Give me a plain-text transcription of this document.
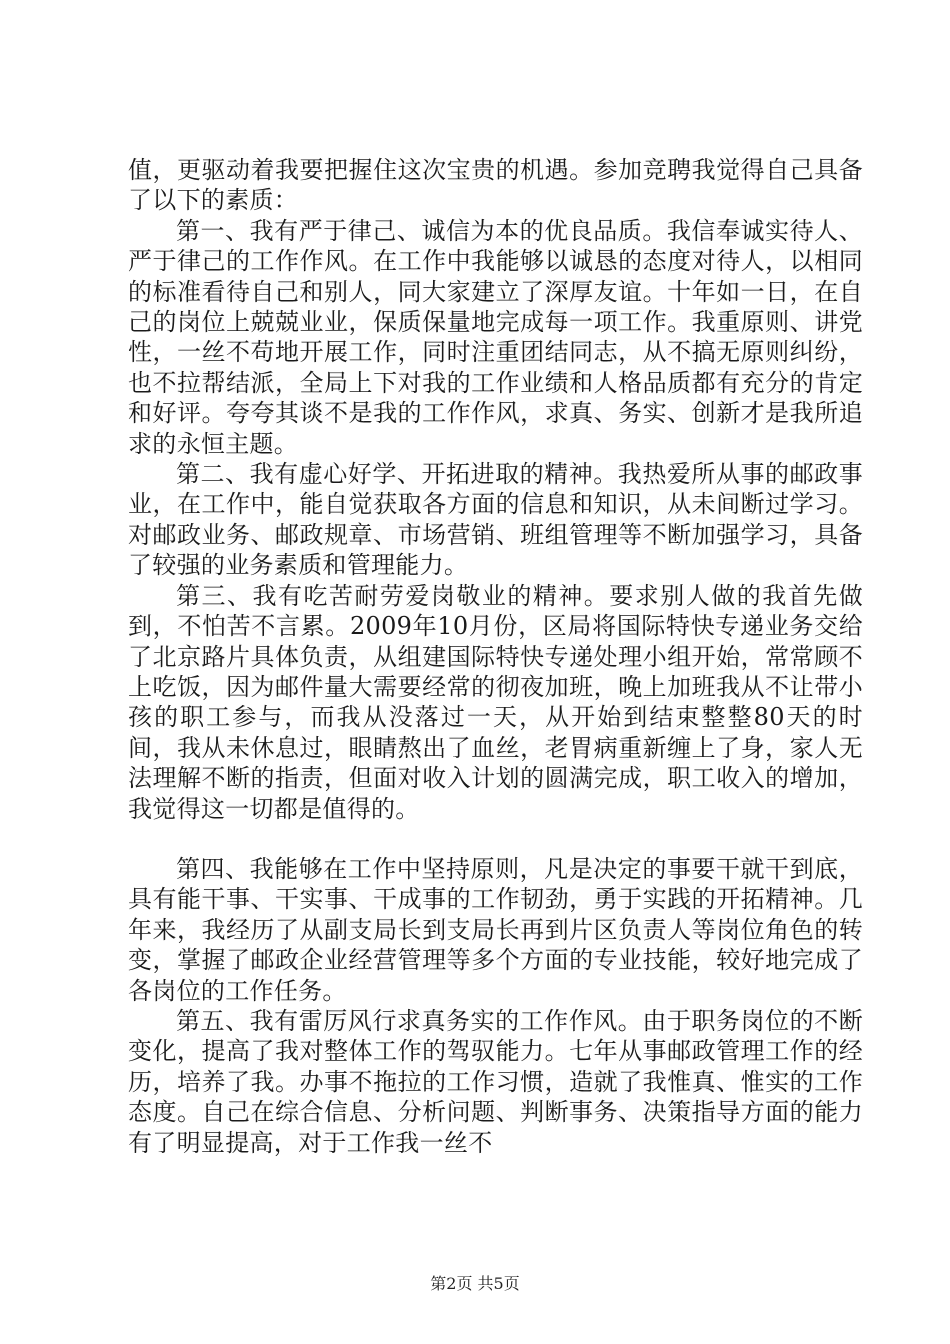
值，更驱动着我要把握住这次宝贵的机遇。参加竞聘我觉得自己具备了以下的素质：

第一、我有严于律己、诚信为本的优良品质。我信奉诚实待人、严于律己的工作作风。在工作中我能够以诚恳的态度对待人，以相同的标准看待自己和别人，同大家建立了深厚友谊。十年如一日，在自己的岗位上兢兢业业，保质保量地完成每一项工作。我重原则、讲党性，一丝不苟地开展工作，同时注重团结同志，从不搞无原则纠纷，也不拉帮结派，全局上下对我的工作业绩和人格品质都有充分的肯定和好评。夸夸其谈不是我的工作作风，求真、务实、创新才是我所追求的永恒主题。

第二、我有虚心好学、开拓进取的精神。我热爱所从事的邮政事业，在工作中，能自觉获取各方面的信息和知识，从未间断过学习。对邮政业务、邮政规章、市场营销、班组管理等不断加强学习，具备了较强的业务素质和管理能力。

第三、我有吃苦耐劳爱岗敬业的精神。要求别人做的我首先做到，不怕苦不言累。2009年10月份，区局将国际特快专递业务交给了北京路片具体负责，从组建国际特快专递处理小组开始，常常顾不上吃饭，因为邮件量大需要经常的彻夜加班，晚上加班我从不让带小孩的职工参与，而我从没落过一天，从开始到结束整整80天的时间，我从未休息过，眼睛熬出了血丝，老胃病重新缠上了身，家人无法理解不断的指责，但面对收入计划的圆满完成，职工收入的增加，我觉得这一切都是值得的。

第四、我能够在工作中坚持原则，凡是决定的事要干就干到底，具有能干事、干实事、干成事的工作韧劲，勇于实践的开拓精神。几年来，我经历了从副支局长到支局长再到片区负责人等岗位角色的转变，掌握了邮政企业经营管理等多个方面的专业技能，较好地完成了各岗位的工作任务。

第五、我有雷厉风行求真务实的工作作风。由于职务岗位的不断变化，提高了我对整体工作的驾驭能力。七年从事邮政管理工作的经历，培养了我。办事不拖拉的工作习惯，造就了我惟真、惟实的工作态度。自己在综合信息、分析问题、判断事务、决策指导方面的能力有了明显提高，对于工作我一丝不

第2页 共5页
